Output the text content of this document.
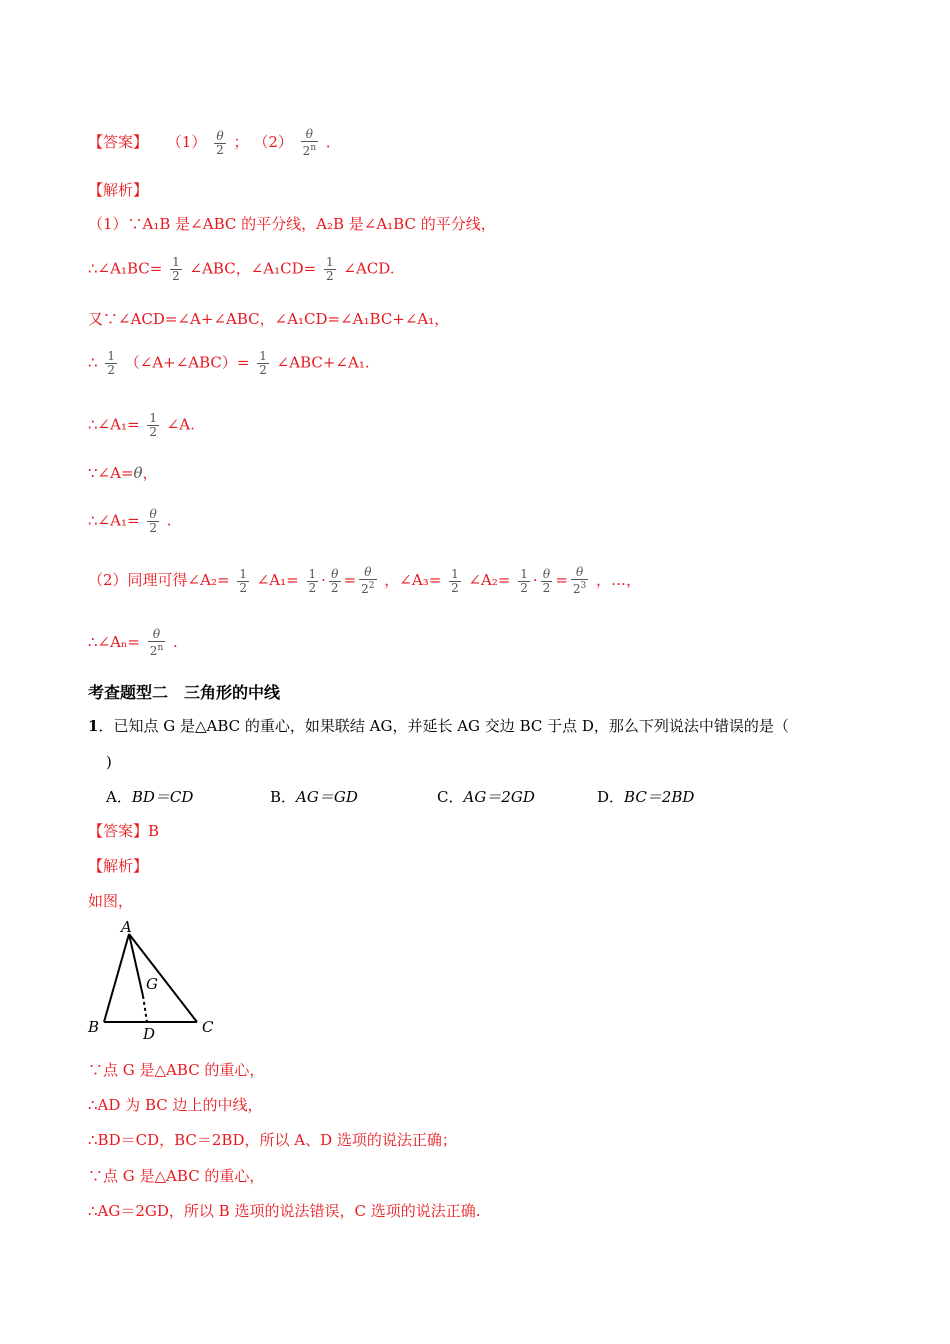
【答案】 $(1) \frac{\theta}{2}$ ； $(2) \frac{\theta}{2^n}$ ．
【解析】
（1）∵A₁B 是∠ABC 的平分线，A₂B 是∠A₁BC 的平分线，
∴∠A₁BC= $\frac{1}{2}$ ∠ABC，∠A₁CD= $\frac{1}{2}$ ∠ACD.
又∵∠ACD=∠A+∠ABC，∠A₁CD=∠A₁BC+∠A₁，
∴ $\frac{1}{2}$ （∠A+∠ABC）= $\frac{1}{2}$ ∠ABC+∠A₁.
∴∠A₁= $\frac{1}{2}$ ∠A.
∵∠A=θ，
∴∠A₁= $\frac{\theta}{2}$ .
（2）同理可得∠A₂= $\frac{1}{2}$ ∠A₁= $\frac{1}{2} \cdot \frac{\theta}{2} = \frac{\theta}{2^2}$ ，∠A₃= $\frac{1}{2}$ ∠A₂= $\frac{1}{2} \cdot \frac{\theta}{2} = \frac{\theta}{2^3}$ ，…，
∴∠Aₙ= $\frac{\theta}{2^n}$ .
考查题型二　三角形的中线
1．已知点 G 是△ABC 的重心，如果联结 AG，并延长 AG 交边 BC 于点 D，那么下列说法中错误的是（
)
A．BD＝CD	B．AG＝GD	C．AG＝2GD	D．BC＝2BD
【答案】B
【解析】
如图，
A
B	C
D
G
∵点 G 是△ABC 的重心，
∴AD 为 BC 边上的中线，
∴BD＝CD，BC＝2BD，所以 A、D 选项的说法正确；
∵点 G 是△ABC 的重心，
∴AG＝2GD，所以 B 选项的说法错误，C 选项的说法正确.
